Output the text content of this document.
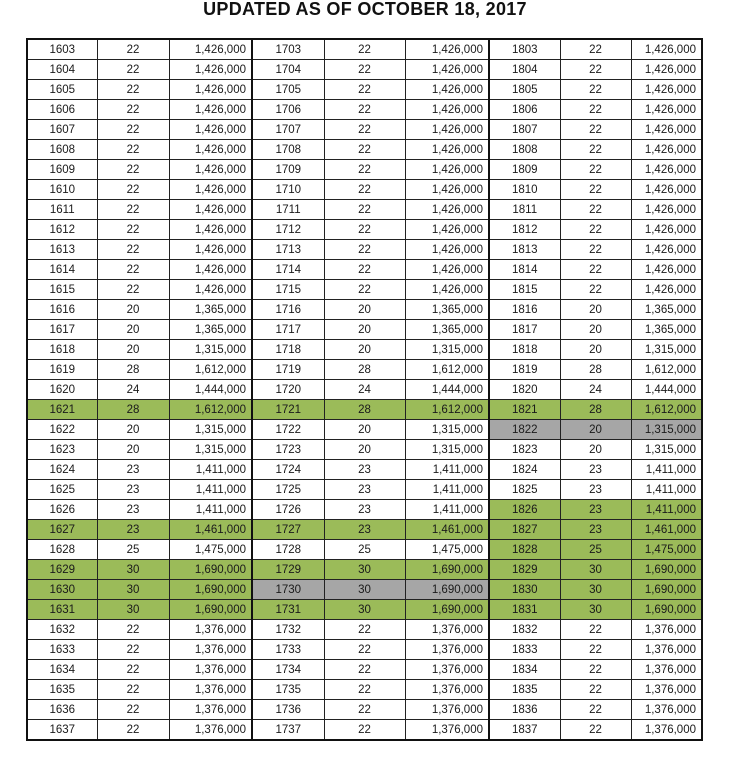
UPDATED AS OF OCTOBER 18, 2017
1603	22	1,426,000	1703	22	1,426,000	1803	22	1,426,000
1604	22	1,426,000	1704	22	1,426,000	1804	22	1,426,000
1605	22	1,426,000	1705	22	1,426,000	1805	22	1,426,000
1606	22	1,426,000	1706	22	1,426,000	1806	22	1,426,000
1607	22	1,426,000	1707	22	1,426,000	1807	22	1,426,000
1608	22	1,426,000	1708	22	1,426,000	1808	22	1,426,000
1609	22	1,426,000	1709	22	1,426,000	1809	22	1,426,000
1610	22	1,426,000	1710	22	1,426,000	1810	22	1,426,000
1611	22	1,426,000	1711	22	1,426,000	1811	22	1,426,000
1612	22	1,426,000	1712	22	1,426,000	1812	22	1,426,000
1613	22	1,426,000	1713	22	1,426,000	1813	22	1,426,000
1614	22	1,426,000	1714	22	1,426,000	1814	22	1,426,000
1615	22	1,426,000	1715	22	1,426,000	1815	22	1,426,000
1616	20	1,365,000	1716	20	1,365,000	1816	20	1,365,000
1617	20	1,365,000	1717	20	1,365,000	1817	20	1,365,000
1618	20	1,315,000	1718	20	1,315,000	1818	20	1,315,000
1619	28	1,612,000	1719	28	1,612,000	1819	28	1,612,000
1620	24	1,444,000	1720	24	1,444,000	1820	24	1,444,000
1621	28	1,612,000	1721	28	1,612,000	1821	28	1,612,000
1622	20	1,315,000	1722	20	1,315,000	1822	20	1,315,000
1623	20	1,315,000	1723	20	1,315,000	1823	20	1,315,000
1624	23	1,411,000	1724	23	1,411,000	1824	23	1,411,000
1625	23	1,411,000	1725	23	1,411,000	1825	23	1,411,000
1626	23	1,411,000	1726	23	1,411,000	1826	23	1,411,000
1627	23	1,461,000	1727	23	1,461,000	1827	23	1,461,000
1628	25	1,475,000	1728	25	1,475,000	1828	25	1,475,000
1629	30	1,690,000	1729	30	1,690,000	1829	30	1,690,000
1630	30	1,690,000	1730	30	1,690,000	1830	30	1,690,000
1631	30	1,690,000	1731	30	1,690,000	1831	30	1,690,000
1632	22	1,376,000	1732	22	1,376,000	1832	22	1,376,000
1633	22	1,376,000	1733	22	1,376,000	1833	22	1,376,000
1634	22	1,376,000	1734	22	1,376,000	1834	22	1,376,000
1635	22	1,376,000	1735	22	1,376,000	1835	22	1,376,000
1636	22	1,376,000	1736	22	1,376,000	1836	22	1,376,000
1637	22	1,376,000	1737	22	1,376,000	1837	22	1,376,000
